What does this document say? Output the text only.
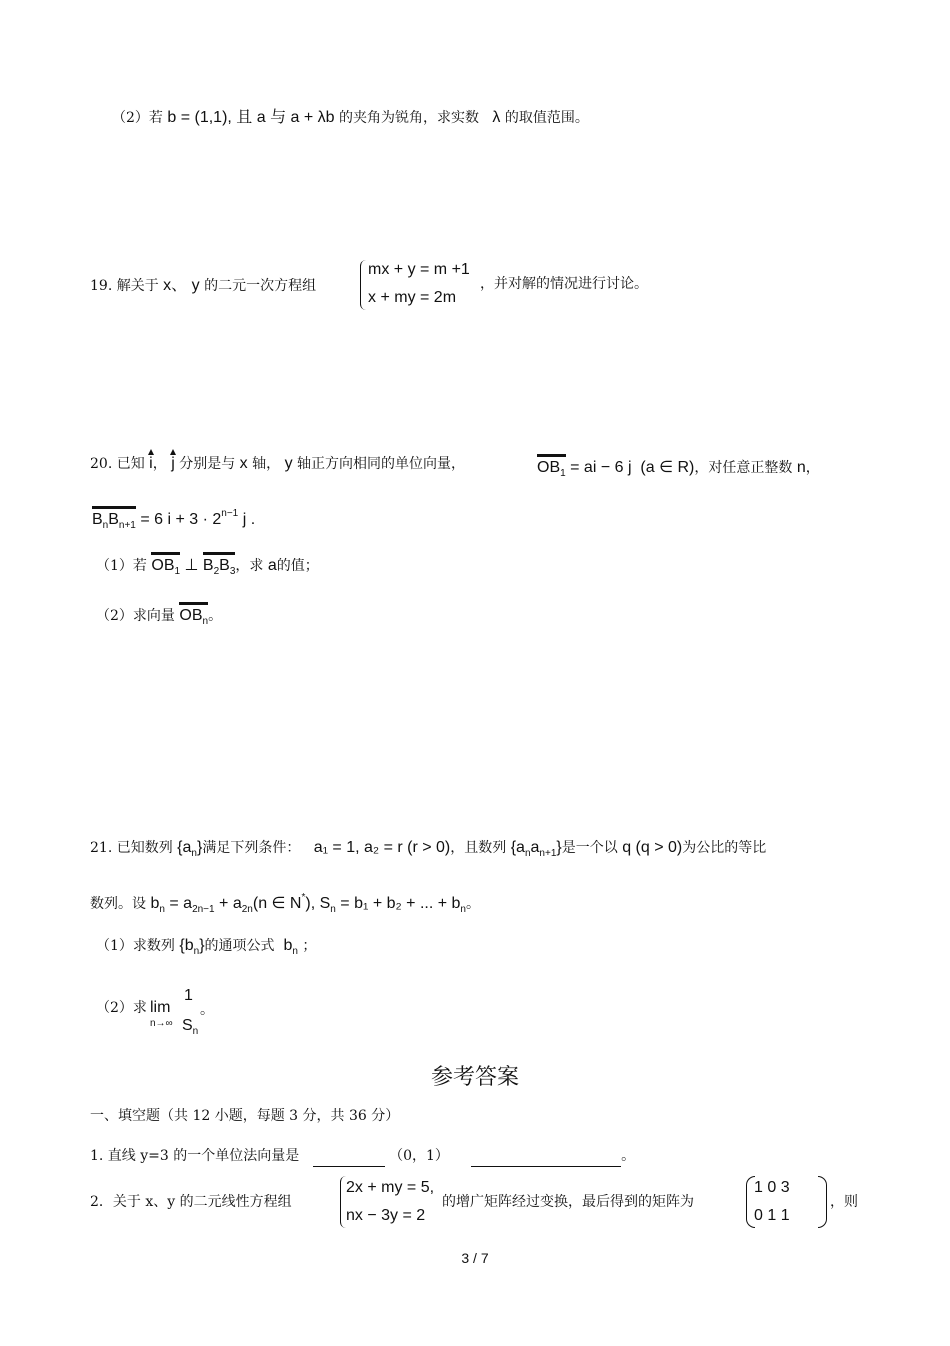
（2）若 b = (1,1), 且 a 与 a + λb 的夹角为锐角，求实数 λ 的取值范围。
19. 解关于 x、 y 的二元一次方程组
mx + y = m +1
x + my = 2m
，并对解的情况进行讨论。
20. 已知 i， j 分别是与 x 轴， y 轴正方向相同的单位向量，	$OB_1$ = ai − 6 j (a ∈ R)，对任意正整数 n，
$B_nB_{n+1} = 6$ $i + 3 \cdot 2^{n-1}$ j .
（1）若 $OB_1$ ⊥ $B_2B_3$，求 a的值；
（2）求向量 $OB_n$。
21. 已知数列 $\{a_n\}$满足下列条件： a₁ = 1, a₂ = r (r > 0)，且数列 $\{a_na_{n+1}\}$是一个以 q (q > 0)为公比的等比
数列。设 $b_n = a_{2n-1} + a_{2n}(n$ ∈ N*), $S_n = b_1 + b_2$ + ... + $b_n$。
（1）求数列 $\{b_n\}$的通项公式 $b_n$ ；
（2）求 lim
n→∞
1
$S_n$
。
参考答案
一、填空题（共 12 小题，每题 3 分，共 36 分）
1. 直线 y=3 的一个单位法向量是	（0，1）	。
2．关于 x、y 的二元线性方程组
2x + my = 5,
nx − 3y = 2
的增广矩阵经过变换，最后得到的矩阵为
1 0 3
0 1 1
，则
3 / 7
